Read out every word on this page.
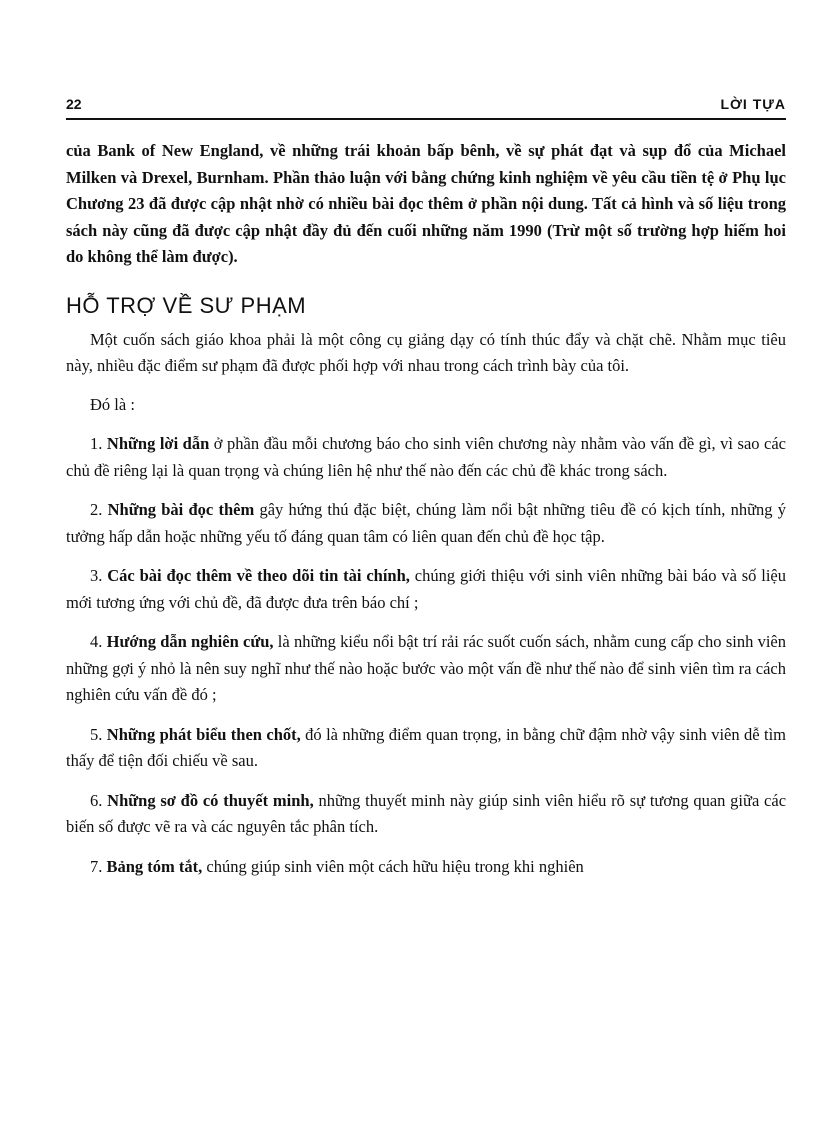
22	LỜI TỰA

của Bank of New England, về những trái khoản bấp bênh, về sự phát đạt và sụp đổ của Michael Milken và Drexel, Burnham. Phần thảo luận với bằng chứng kinh nghiệm về yêu cầu tiền tệ ở Phụ lục Chương 23 đã được cập nhật nhờ có nhiều bài đọc thêm ở phần nội dung. Tất cả hình và số liệu trong sách này cũng đã được cập nhật đầy đủ đến cuối những năm 1990 (Trừ một số trường hợp hiếm hoi do không thể làm được).

HỖ TRỢ VỀ SƯ PHẠM

Một cuốn sách giáo khoa phải là một công cụ giảng dạy có tính thúc đẩy và chặt chẽ. Nhằm mục tiêu này, nhiều đặc điểm sư phạm đã được phối hợp với nhau trong cách trình bày của tôi.

Đó là :

1. Những lời dẫn ở phần đầu mỗi chương báo cho sinh viên chương này nhằm vào vấn đề gì, vì sao các chủ đề riêng lại là quan trọng và chúng liên hệ như thế nào đến các chủ đề khác trong sách.

2. Những bài đọc thêm gây hứng thú đặc biệt, chúng làm nổi bật những tiêu đề có kịch tính, những ý tưởng hấp dẫn hoặc những yếu tố đáng quan tâm có liên quan đến chủ đề học tập.

3. Các bài đọc thêm về theo dõi tin tài chính, chúng giới thiệu với sinh viên những bài báo và số liệu mới tương ứng với chủ đề, đã được đưa trên báo chí ;

4. Hướng dẫn nghiên cứu, là những kiểu nổi bật trí rải rác suốt cuốn sách, nhằm cung cấp cho sinh viên những gợi ý nhỏ là nên suy nghĩ như thế nào hoặc bước vào một vấn đề như thế nào để sinh viên tìm ra cách nghiên cứu vấn đề đó ;

5. Những phát biểu then chốt, đó là những điểm quan trọng, in bằng chữ đậm nhờ vậy sinh viên dễ tìm thấy để tiện đối chiếu về sau.

6. Những sơ đồ có thuyết minh, những thuyết minh này giúp sinh viên hiểu rõ sự tương quan giữa các biến số được vẽ ra và các nguyên tắc phân tích.

7. Bảng tóm tắt, chúng giúp sinh viên một cách hữu hiệu trong khi nghiên
